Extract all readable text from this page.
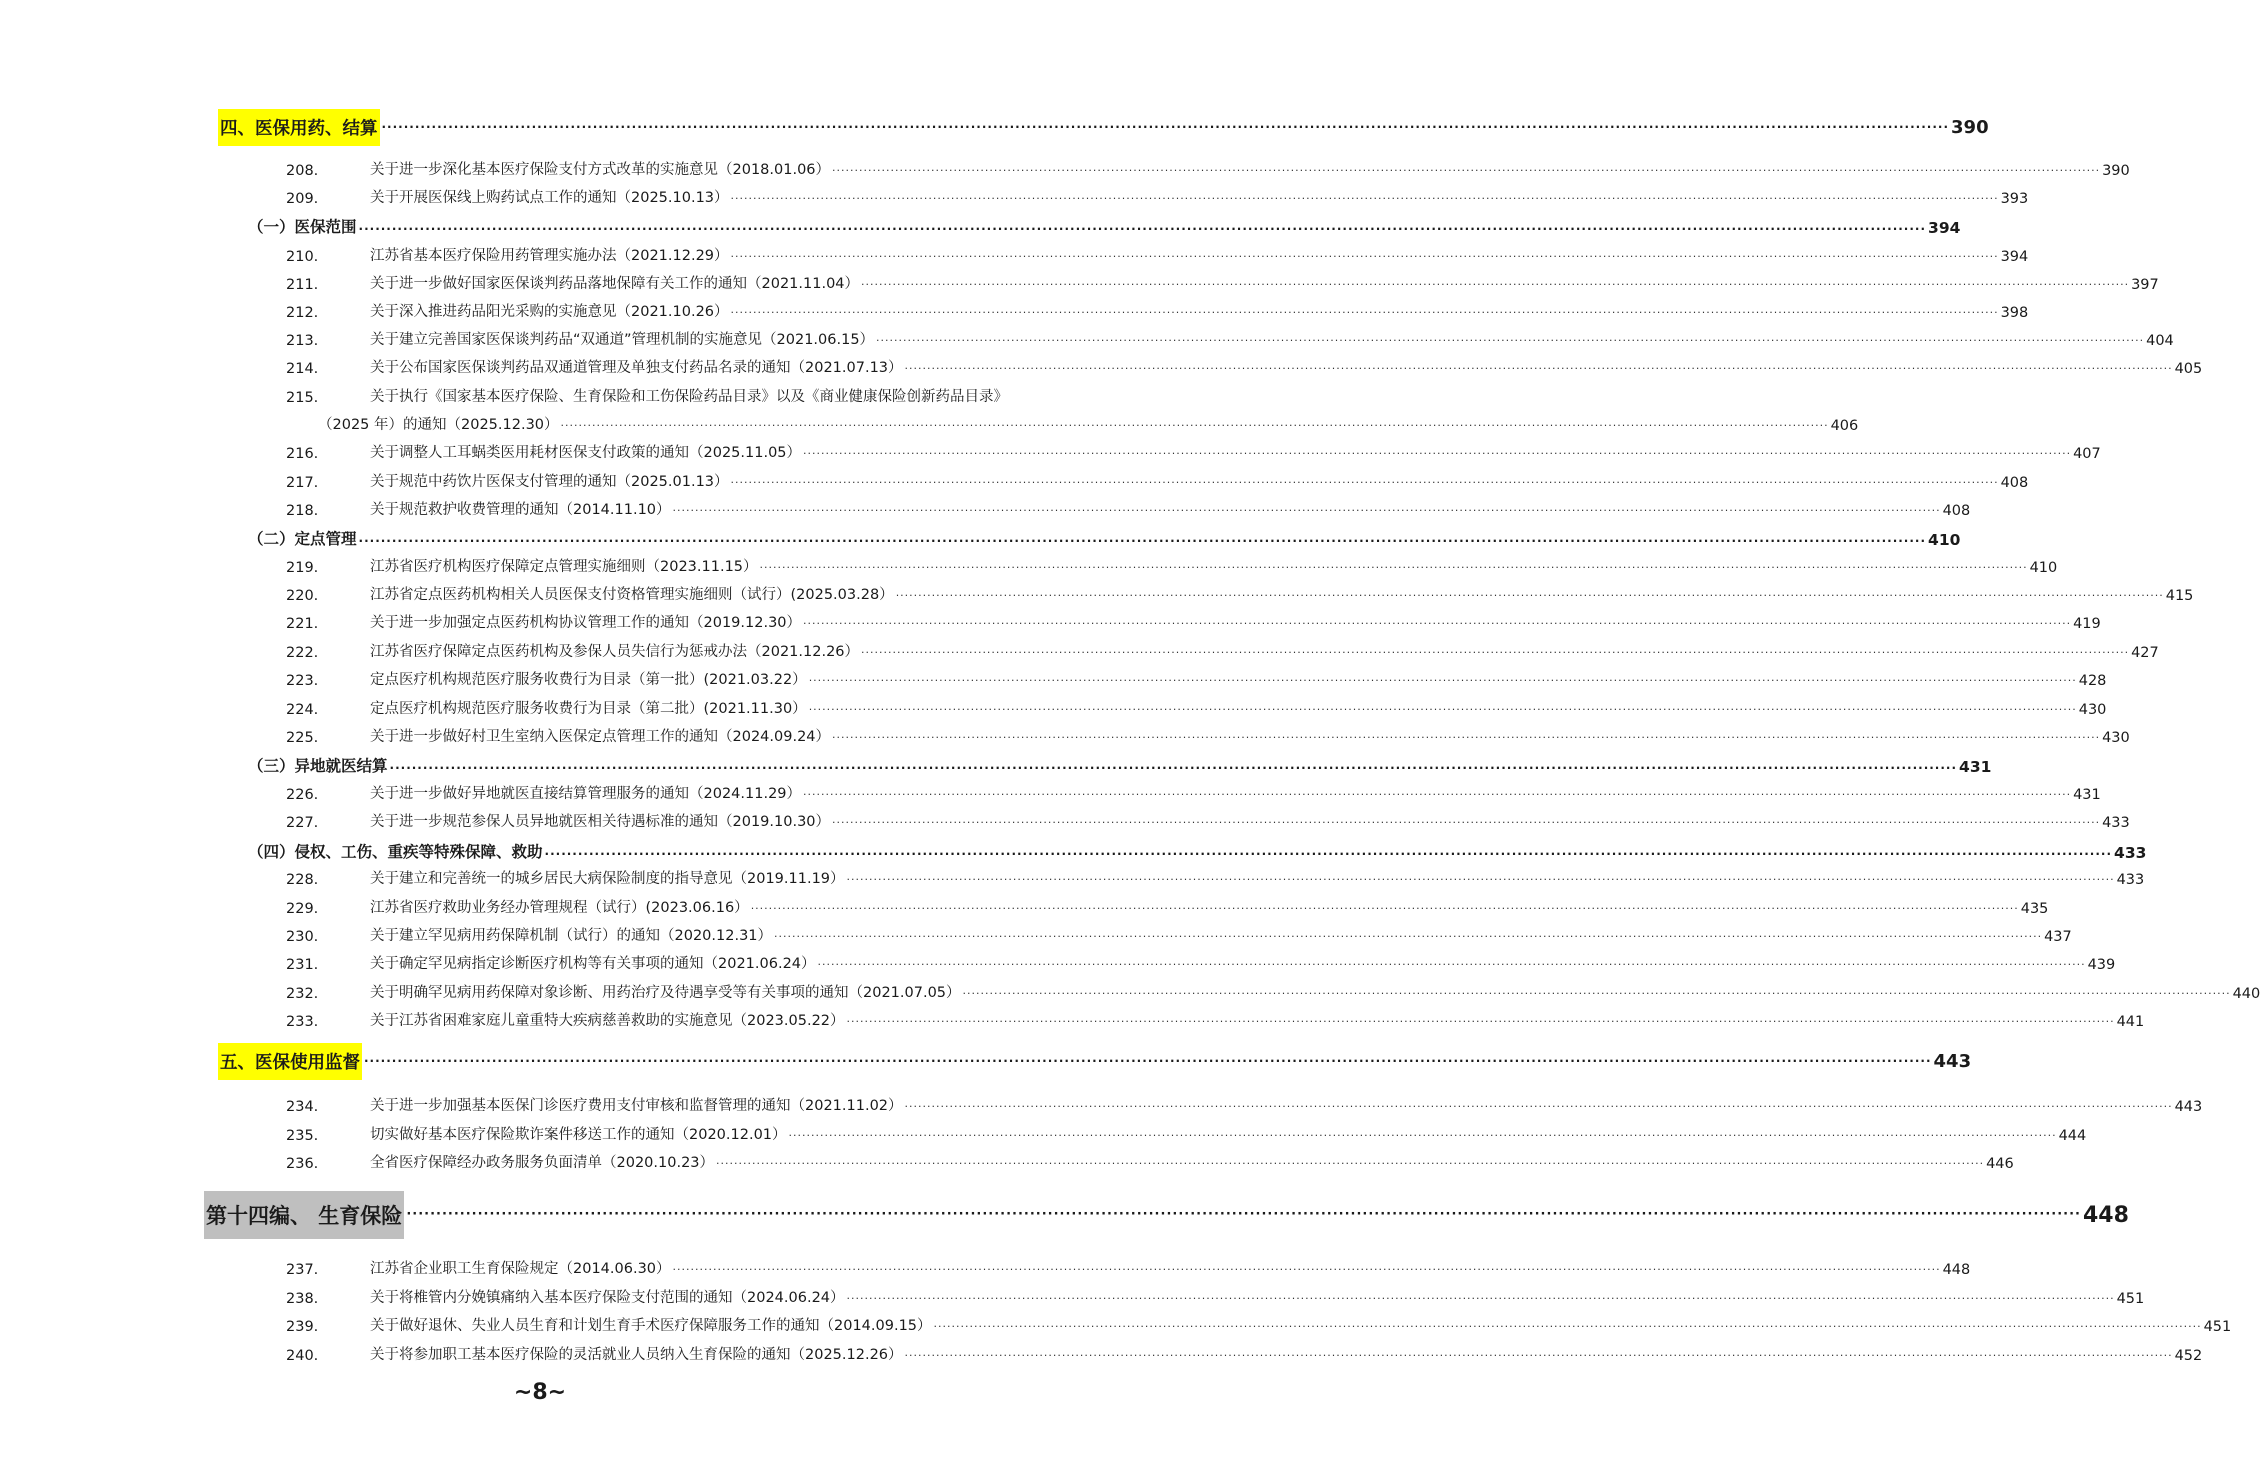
四、医保用药、结算 ·····	390
208.	关于进一步深化基本医疗保险支付方式改革的实施意见（2018.01.06） ·····	390
209.	关于开展医保线上购药试点工作的通知（2025.10.13） ·····	393
（一）医保范围 ·····	394
210.	江苏省基本医疗保险用药管理实施办法（2021.12.29） ·····	394
211.	关于进一步做好国家医保谈判药品落地保障有关工作的通知（2021.11.04） ·····	397
212.	关于深入推进药品阳光采购的实施意见（2021.10.26） ·····	398
213.	关于建立完善国家医保谈判药品“双通道”管理机制的实施意见（2021.06.15） ·····	404
214.	关于公布国家医保谈判药品双通道管理及单独支付药品名录的通知（2021.07.13） ·····	405
215.	关于执行《国家基本医疗保险、生育保险和工伤保险药品目录》以及《商业健康保险创新药品目录》
（2025 年）的通知（2025.12.30） ·····	406
216.	关于调整人工耳蜗类医用耗材医保支付政策的通知（2025.11.05） ·····	407
217.	关于规范中药饮片医保支付管理的通知（2025.01.13） ·····	408
218.	关于规范救护收费管理的通知（2014.11.10） ·····	408
（二）定点管理 ·····	410
219.	江苏省医疗机构医疗保障定点管理实施细则（2023.11.15） ·····	410
220.	江苏省定点医药机构相关人员医保支付资格管理实施细则（试行）(2025.03.28） ·····	415
221.	关于进一步加强定点医药机构协议管理工作的通知（2019.12.30） ·····	419
222.	江苏省医疗保障定点医药机构及参保人员失信行为惩戒办法（2021.12.26） ·····	427
223.	定点医疗机构规范医疗服务收费行为目录（第一批）(2021.03.22） ·····	428
224.	定点医疗机构规范医疗服务收费行为目录（第二批）(2021.11.30） ·····	430
225.	关于进一步做好村卫生室纳入医保定点管理工作的通知（2024.09.24） ·····	430
（三）异地就医结算 ·····	431
226.	关于进一步做好异地就医直接结算管理服务的通知（2024.11.29） ·····	431
227.	关于进一步规范参保人员异地就医相关待遇标准的通知（2019.10.30） ·····	433
（四）侵权、工伤、重疾等特殊保障、救助 ·····	433
228.	关于建立和完善统一的城乡居民大病保险制度的指导意见（2019.11.19） ·····	433
229.	江苏省医疗救助业务经办管理规程（试行）(2023.06.16） ·····	435
230.	关于建立罕见病用药保障机制（试行）的通知（2020.12.31） ·····	437
231.	关于确定罕见病指定诊断医疗机构等有关事项的通知（2021.06.24） ·····	439
232.	关于明确罕见病用药保障对象诊断、用药治疗及待遇享受等有关事项的通知（2021.07.05） ·····	440
233.	关于江苏省困难家庭儿童重特大疾病慈善救助的实施意见（2023.05.22） ·····	441
五、医保使用监督 ·····	443
234.	关于进一步加强基本医保门诊医疗费用支付审核和监督管理的通知（2021.11.02） ·····	443
235.	切实做好基本医疗保险欺诈案件移送工作的通知（2020.12.01） ·····	444
236.	全省医疗保障经办政务服务负面清单（2020.10.23） ·····	446
第十四编、 生育保险 ·····	448
237.	江苏省企业职工生育保险规定（2014.06.30） ·····	448
238.	关于将椎管内分娩镇痛纳入基本医疗保险支付范围的通知（2024.06.24） ·····	451
239.	关于做好退休、失业人员生育和计划生育手术医疗保障服务工作的通知（2014.09.15） ·····	451
240.	关于将参加职工基本医疗保险的灵活就业人员纳入生育保险的通知（2025.12.26） ·····	452
~8~
